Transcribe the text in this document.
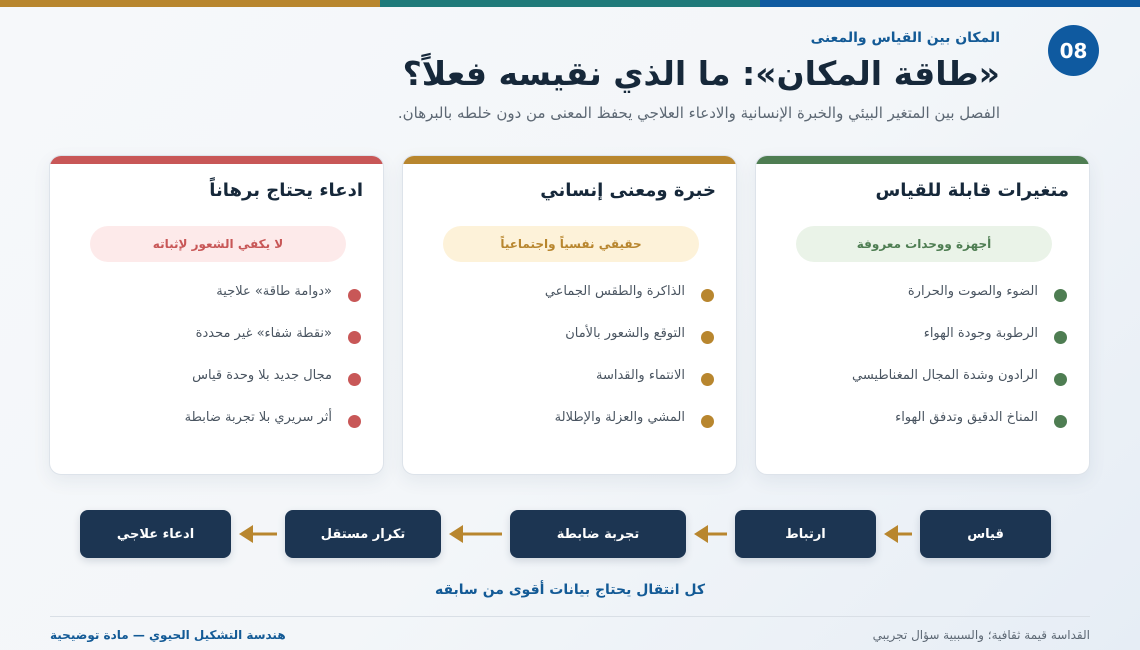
08
المكان بين القياس والمعنى
«طاقة المكان»: ما الذي نقيسه فعلاً؟
الفصل بين المتغير البيئي والخبرة الإنسانية والادعاء العلاجي يحفظ المعنى من دون خلطه بالبرهان.
متغيرات قابلة للقياس
أجهزة ووحدات معروفة
الضوء والصوت والحرارة
الرطوبة وجودة الهواء
الرادون وشدة المجال المغناطيسي
المناخ الدقيق وتدفق الهواء
خبرة ومعنى إنساني
حقيقي نفسياً واجتماعياً
الذاكرة والطقس الجماعي
التوقع والشعور بالأمان
الانتماء والقداسة
المشي والعزلة والإطلالة
ادعاء يحتاج برهاناً
لا يكفي الشعور لإثباته
«دوامة طاقة» علاجية
«نقطة شفاء» غير محددة
مجال جديد بلا وحدة قياس
أثر سريري بلا تجربة ضابطة
قياس
ارتباط
تجربة ضابطة
تكرار مستقل
ادعاء علاجي
كل انتقال يحتاج بيانات أقوى من سابقه
القداسة قيمة ثقافية؛ والسببية سؤال تجريبي
هندسة التشكيل الحيوي — مادة توضيحية
